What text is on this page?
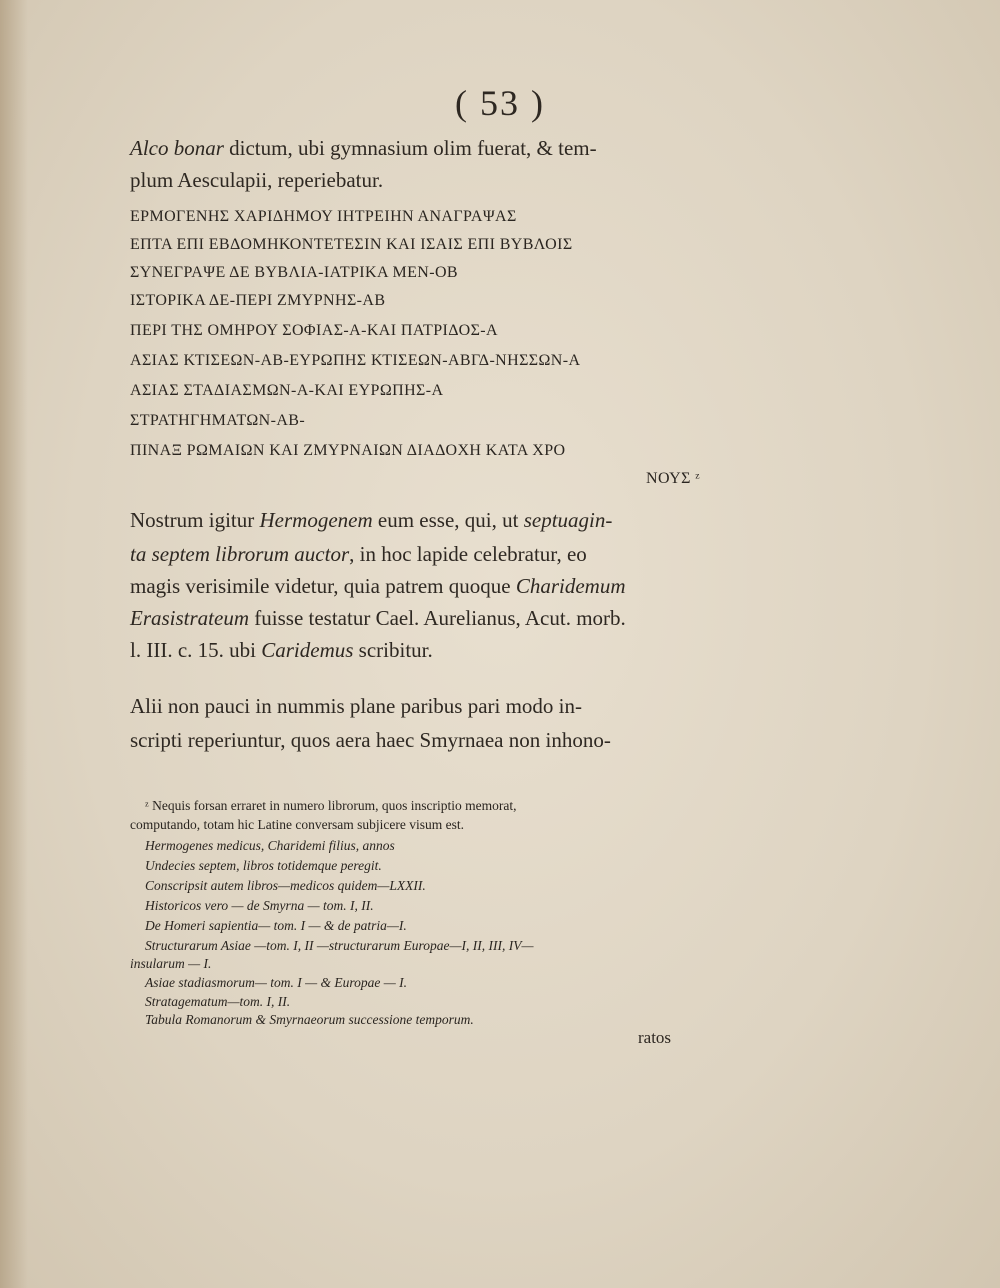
( 53 )
Alco bonar dictum, ubi gymnasium olim fuerat, & tem-
plum Aesculapii, reperiebatur.
ΕΡΜΟΓΕΝΗΣ ΧΑΡΙΔΗΜΟΥ ΙΗΤΡΕΙΗΝ ΑΝΑΓΡΑΨΑΣ
ΕΠΤΑ ΕΠΙ ΕΒΔΟΜΗΚΟΝΤΕΤΕΣΙΝ ΚΑΙ ΙΣΑΙΣ ΕΠΙ ΒΥΒΛΟΙΣ
ΣΥΝΕΓΡΑΨΕ ΔΕ ΒΥΒΛΙΑ-ΙΑΤΡΙΚΑ ΜΕΝ-ΟΒ
ΙΣΤΟΡΙΚΑ ΔΕ-ΠΕΡΙ ΖΜΥΡΝΗΣ-ΑΒ
ΠΕΡΙ ΤΗΣ ΟΜΗΡΟΥ ΣΟΦΙΑΣ-Α-ΚΑΙ ΠΑΤΡΙΔΟΣ-Α
ΑΣΙΑΣ ΚΤΙΣΕΩΝ-ΑΒ-ΕΥΡΩΠΗΣ ΚΤΙΣΕΩΝ-ΑΒΓΔ-ΝΗΣΣΩΝ-Α
ΑΣΙΑΣ ΣΤΑΔΙΑΣΜΩΝ-Α-ΚΑΙ ΕΥΡΩΠΗΣ-Α
ΣΤΡΑΤΗΓΗΜΑΤΩΝ-ΑΒ-
ΠΙΝΑΞ ΡΩΜΑΙΩΝ ΚΑΙ ΖΜΥΡΝΑΙΩΝ ΔΙΑΔΟΧΗ ΚΑΤΑ ΧΡΟ
ΝΟΥΣ ᶻ
Nostrum igitur Hermogenem eum esse, qui, ut septuagin-
ta septem librorum auctor, in hoc lapide celebratur, eo
magis verisimile videtur, quia patrem quoque Charidemum
Erasistrateum fuisse testatur Cael. Aurelianus, Acut. morb.
l. III. c. 15. ubi Caridemus scribitur.
Alii non pauci in nummis plane paribus pari modo in-
scripti reperiuntur, quos aera haec Smyrnaea non inhono-
ᶻ Nequis forsan erraret in numero librorum, quos inscriptio memorat,
computando, totam hic Latine conversam subjicere visum est.
Hermogenes medicus, Charidemi filius, annos
Undecies septem, libros totidemque peregit.
Conscripsit autem libros—medicos quidem—LXXII.
Historicos vero — de Smyrna — tom. I, II.
De Homeri sapientia— tom. I — & de patria—I.
Structurarum Asiae —tom. I, II —structurarum Europae—I, II, III, IV—
insularum — I.
Asiae stadiasmorum— tom. I — & Europae — I.
Stratagematum—tom. I, II.
Tabula Romanorum & Smyrnaeorum successione temporum.
ratos
